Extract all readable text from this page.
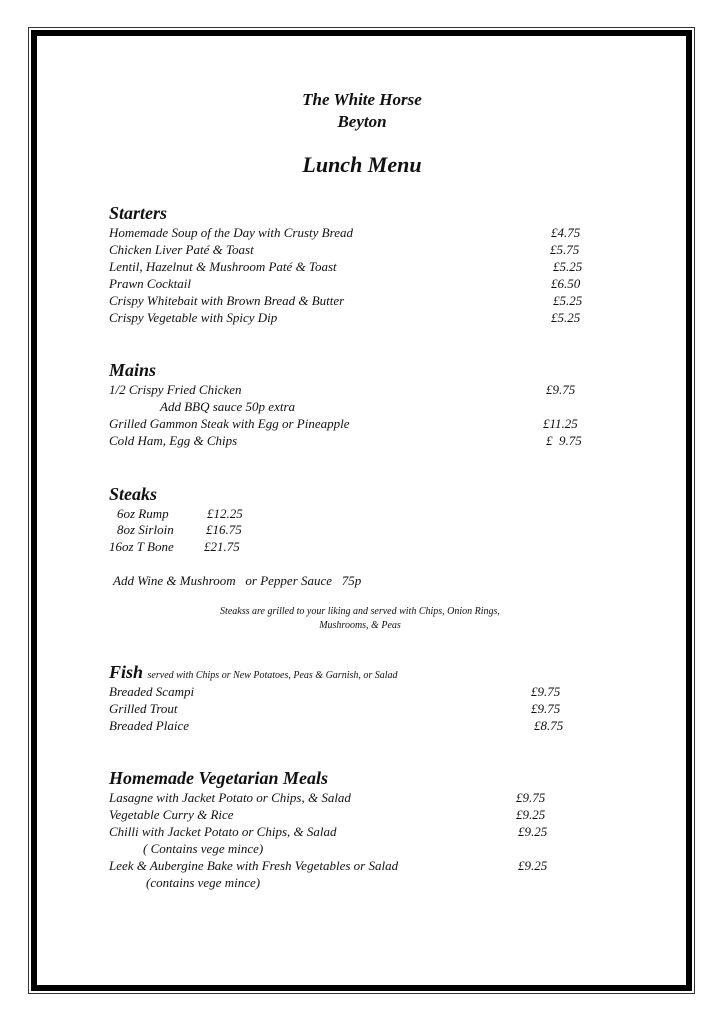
The White Horse
Beyton
Lunch Menu
Starters
Homemade Soup of the Day with Crusty Bread	£4.75
Chicken Liver Paté & Toast	£5.75
Lentil, Hazelnut & Mushroom Paté & Toast	£5.25
Prawn Cocktail	£6.50
Crispy Whitebait with Brown Bread & Butter	£5.25
Crispy Vegetable with Spicy Dip	£5.25
Mains
1/2 Crispy Fried Chicken	£9.75
Add BBQ sauce 50p extra
Grilled Gammon Steak with Egg or Pineapple	£11.25
Cold Ham, Egg & Chips	£  9.75
Steaks
6oz Rump	£12.25
8oz Sirloin £16.75
16oz T Bone £21.75
Add Wine & Mushroom   or Pepper Sauce   75p
Steakss are grilled to your liking and served with Chips, Onion Rings,
Mushrooms, & Peas
Fish served with Chips or New Potatoes, Peas & Garnish, or Salad
Breaded Scampi	£9.75
Grilled Trout	£9.75
Breaded Plaice	£8.75
Homemade Vegetarian Meals
Lasagne with Jacket Potato or Chips, & Salad	£9.75
Vegetable Curry & Rice	£9.25
Chilli with Jacket Potato or Chips, & Salad	£9.25
( Contains vege mince)
Leek & Aubergine Bake with Fresh Vegetables or Salad	£9.25
(contains vege mince)
